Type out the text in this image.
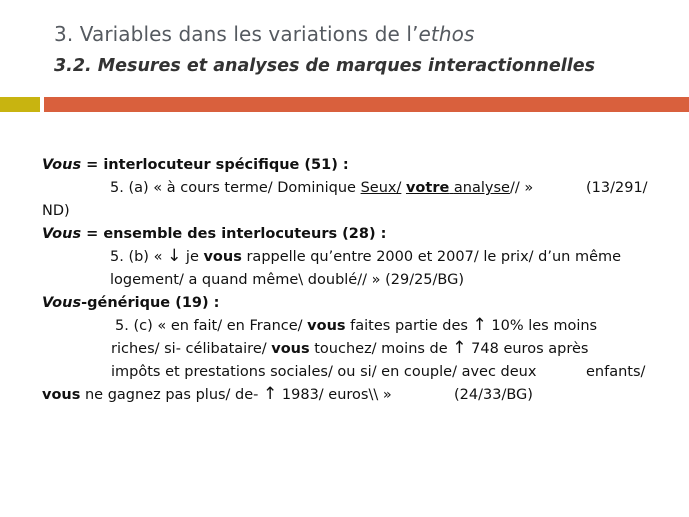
3. Variables dans les variations de l’ethos
3.2. Mesures et analyses de marques interactionnelles
Vous = interlocuteur spécifique (51) :
5. (a) « à cours terme/ Dominique Seux/ votre analyse// »	(13/291/
ND)
Vous = ensemble des interlocuteurs (28) :
5. (b) « ↓ je vous rappelle qu’entre 2000 et 2007/ le prix/ d’un même
logement/ a quand même\ doublé// » (29/25/BG)
Vous-générique (19) :
5. (c) « en fait/ en France/ vous faites partie des ↑ 10% les moins
riches/ si- célibataire/ vous touchez/ moins de ↑ 748 euros après
impôts et prestations sociales/ ou si/ en couple/ avec deux	enfants/
vous ne gagnez pas plus/ de- ↑ 1983/ euros\\ »	(24/33/BG)
